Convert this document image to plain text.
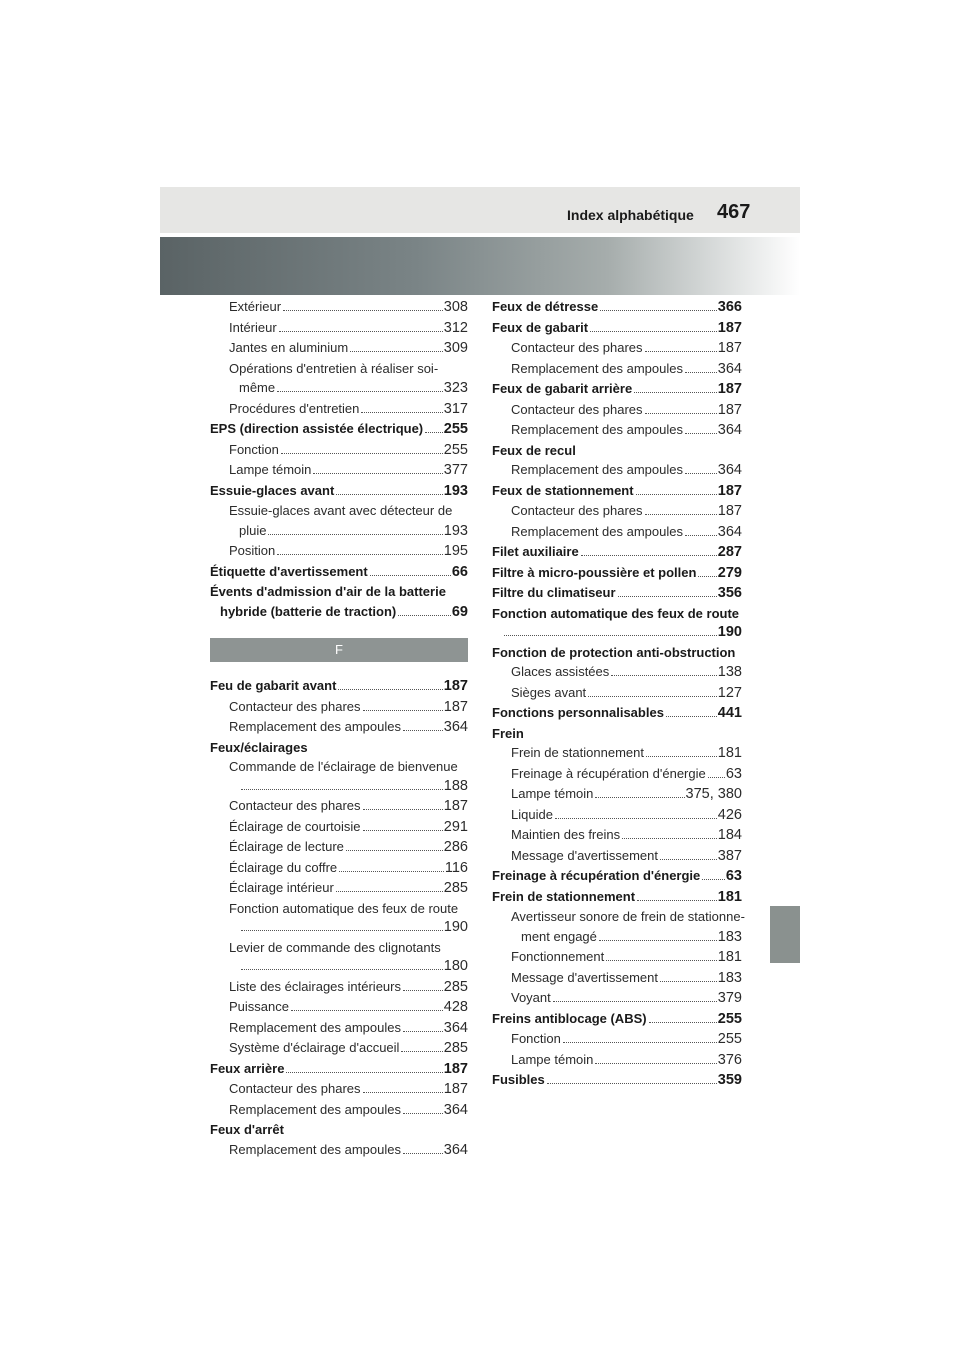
Index alphabétique 467
Extérieur	308
Intérieur	312
Jantes en aluminium	309
Opérations d'entretien à réaliser soi-
même	323
Procédures d'entretien	317
EPS (direction assistée électrique) 255
Fonction	255
Lampe témoin	377
Essuie-glaces avant	193
Essuie-glaces avant avec détecteur de
pluie	193
Position	195
Étiquette d'avertissement	66
Évents d'admission d'air de la batterie
hybride (batterie de traction)	69
F
Feu de gabarit avant	187
Contacteur des phares	187
Remplacement des ampoules	364
Feux/éclairages
Commande de l'éclairage de bienvenue
188
Contacteur des phares	187
Éclairage de courtoisie	291
Éclairage de lecture	286
Éclairage du coffre	116
Éclairage intérieur	285
Fonction automatique des feux de route
190
Levier de commande des clignotants
180
Liste des éclairages intérieurs	285
Puissance	428
Remplacement des ampoules	364
Système d'éclairage d'accueil	285
Feux arrière	187
Contacteur des phares	187
Remplacement des ampoules	364
Feux d'arrêt
Remplacement des ampoules	364
Feux de détresse	366
Feux de gabarit	187
Contacteur des phares	187
Remplacement des ampoules 364
Feux de gabarit arrière	187
Contacteur des phares	187
Remplacement des ampoules 364
Feux de recul
Remplacement des ampoules 364
Feux de stationnement	187
Contacteur des phares	187
Remplacement des ampoules 364
Filet auxiliaire	287
Filtre à micro-poussière et pollen 279
Filtre du climatiseur	356
Fonction automatique des feux de route
190
Fonction de protection anti-obstruction
Glaces assistées	138
Sièges avant	127
Fonctions personnalisables	441
Frein
Frein de stationnement	181
Freinage à récupération d'énergie 63
Lampe témoin	375, 380
Liquide	426
Maintien des freins	184
Message d'avertissement	387
Freinage à récupération d'énergie 63
Frein de stationnement	181
Avertisseur sonore de frein de stationne-
ment engagé	183
Fonctionnement	181
Message d'avertissement	183
Voyant	379
Freins antiblocage (ABS)	255
Fonction	255
Lampe témoin	376
Fusibles	359
